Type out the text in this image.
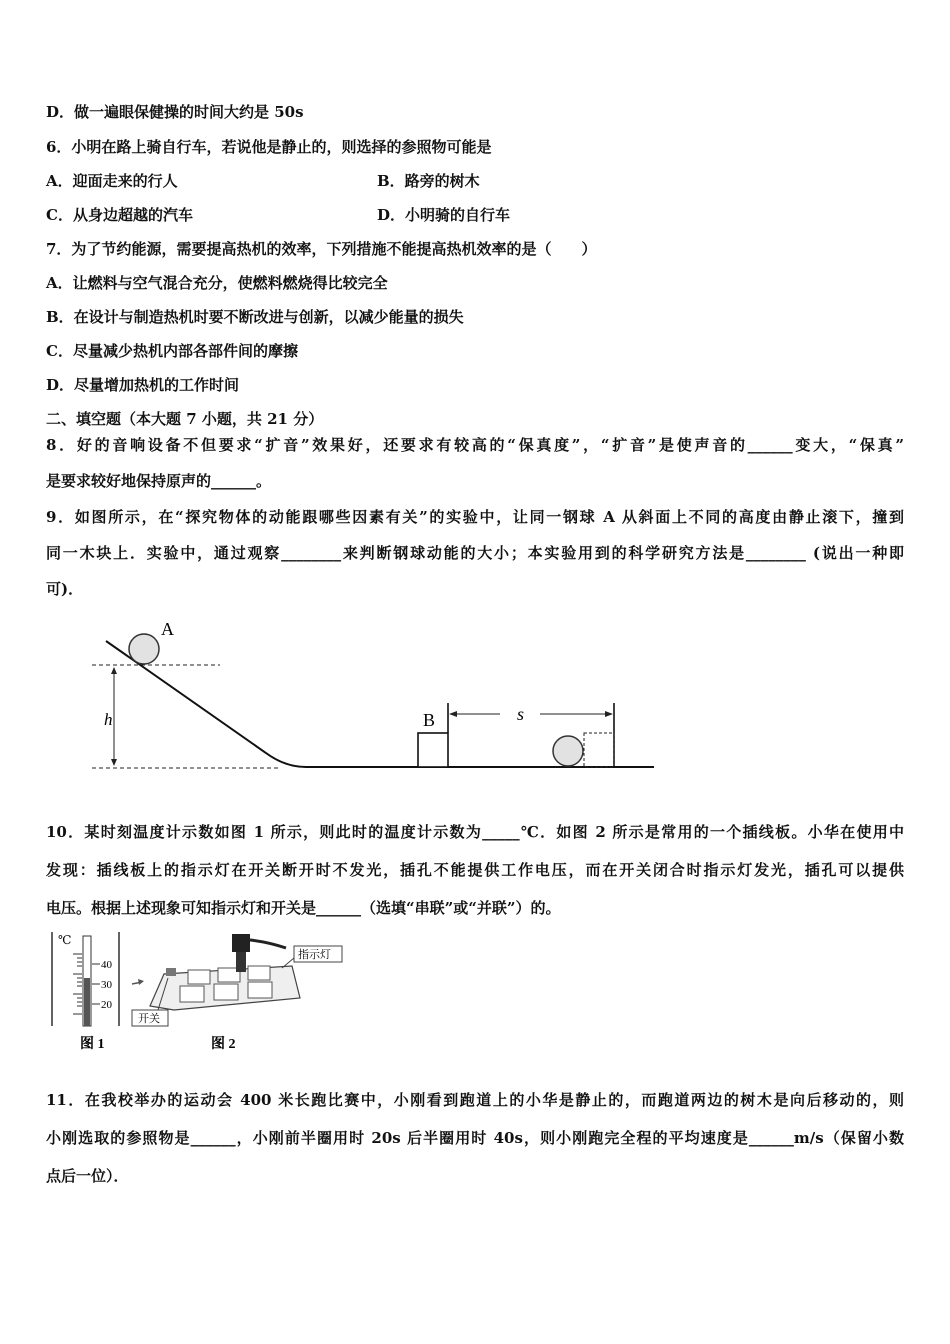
D．做一遍眼保健操的时间大约是 50s
6．小明在路上骑自行车，若说他是静止的，则选择的参照物可能是
A．迎面走来的行人	B．路旁的树木
C．从身边超越的汽车	D．小明骑的自行车
7．为了节约能源，需要提高热机的效率，下列措施不能提高热机效率的是（　　）
A．让燃料与空气混合充分，使燃料燃烧得比较完全
B．在设计与制造热机时要不断改进与创新，以减少能量的损失
C．尽量减少热机内部各部件间的摩擦
D．尽量增加热机的工作时间
二、填空题（本大题 7 小题，共 21 分）
8．好的音响设备不但要求“扩音”效果好，还要求有较高的“保真度”，“扩音”是使声音的______变大，“保真”
是要求较好地保持原声的______。
9．如图所示，在“探究物体的动能跟哪些因素有关”的实验中，让同一钢球 A 从斜面上不同的高度由静止滚下，撞到
同一木块上．实验中，通过观察________来判断钢球动能的大小；本实验用到的科学研究方法是________ (说出一种即
可)．
h
A
B	s
10．某时刻温度计示数如图 1 所示，则此时的温度计示数为_____℃．如图 2 所示是常用的一个插线板。小华在使用中
发现：插线板上的指示灯在开关断开时不发光，插孔不能提供工作电压，而在开关闭合时指示灯发光，插孔可以提供
电压。根据上述现象可知指示灯和开关是______（选填“串联”或“并联”）的。
℃
40
30
20
图 1
指示灯
开关
图 2
11．在我校举办的运动会 400 米长跑比赛中，小刚看到跑道上的小华是静止的，而跑道两边的树木是向后移动的，则
小刚选取的参照物是______，小刚前半圈用时 20s 后半圈用时 40s，则小刚跑完全程的平均速度是______m/s（保留小数
点后一位）．
